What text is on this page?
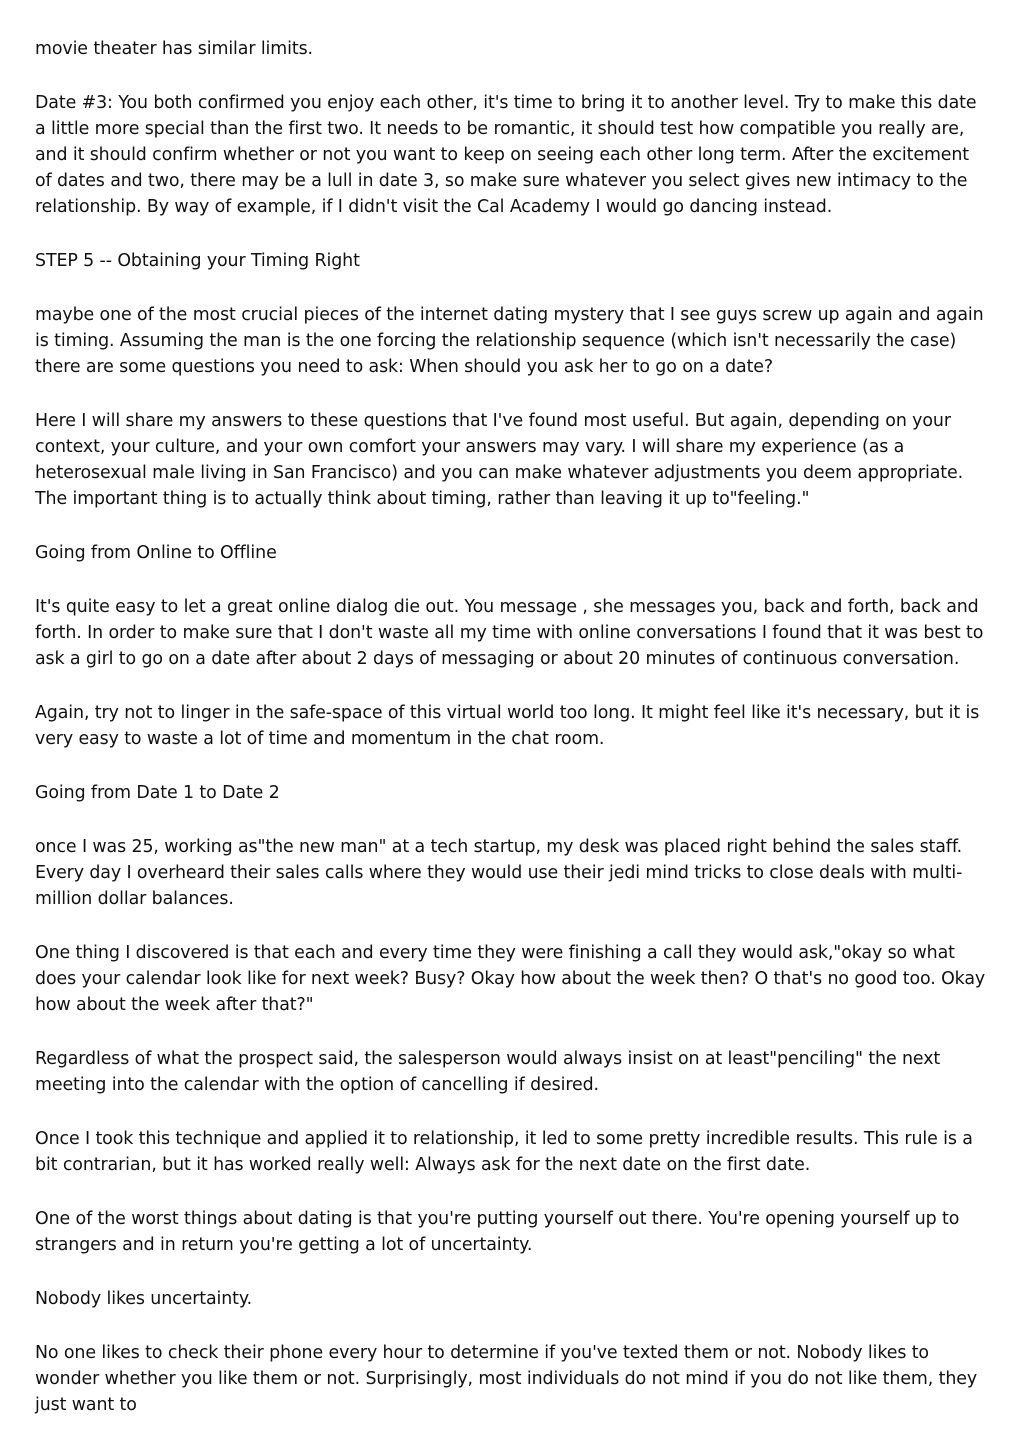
movie theater has similar limits.

Date #3: You both confirmed you enjoy each other, it's time to bring it to another level. Try to make this date a little more special than the first two. It needs to be romantic, it should test how compatible you really are, and it should confirm whether or not you want to keep on seeing each other long term. After the excitement of dates and two, there may be a lull in date 3, so make sure whatever you select gives new intimacy to the relationship. By way of example, if I didn't visit the Cal Academy I would go dancing instead.

STEP 5 -- Obtaining your Timing Right

maybe one of the most crucial pieces of the internet dating mystery that I see guys screw up again and again is timing. Assuming the man is the one forcing the relationship sequence (which isn't necessarily the case) there are some questions you need to ask: When should you ask her to go on a date?

Here I will share my answers to these questions that I've found most useful. But again, depending on your context, your culture, and your own comfort your answers may vary. I will share my experience (as a heterosexual male living in San Francisco) and you can make whatever adjustments you deem appropriate. The important thing is to actually think about timing, rather than leaving it up to"feeling."

Going from Online to Offline

It's quite easy to let a great online dialog die out. You message , she messages you, back and forth, back and forth. In order to make sure that I don't waste all my time with online conversations I found that it was best to ask a girl to go on a date after about 2 days of messaging or about 20 minutes of continuous conversation.

Again, try not to linger in the safe-space of this virtual world too long. It might feel like it's necessary, but it is very easy to waste a lot of time and momentum in the chat room.

Going from Date 1 to Date 2

once I was 25, working as"the new man" at a tech startup, my desk was placed right behind the sales staff. Every day I overheard their sales calls where they would use their jedi mind tricks to close deals with multi-million dollar balances.

One thing I discovered is that each and every time they were finishing a call they would ask,"okay so what does your calendar look like for next week? Busy? Okay how about the week then? O that's no good too. Okay how about the week after that?"

Regardless of what the prospect said, the salesperson would always insist on at least"penciling" the next meeting into the calendar with the option of cancelling if desired.

Once I took this technique and applied it to relationship, it led to some pretty incredible results. This rule is a bit contrarian, but it has worked really well: Always ask for the next date on the first date.

One of the worst things about dating is that you're putting yourself out there. You're opening yourself up to strangers and in return you're getting a lot of uncertainty.

Nobody likes uncertainty.

No one likes to check their phone every hour to determine if you've texted them or not. Nobody likes to wonder whether you like them or not. Surprisingly, most individuals do not mind if you do not like them, they just want to
